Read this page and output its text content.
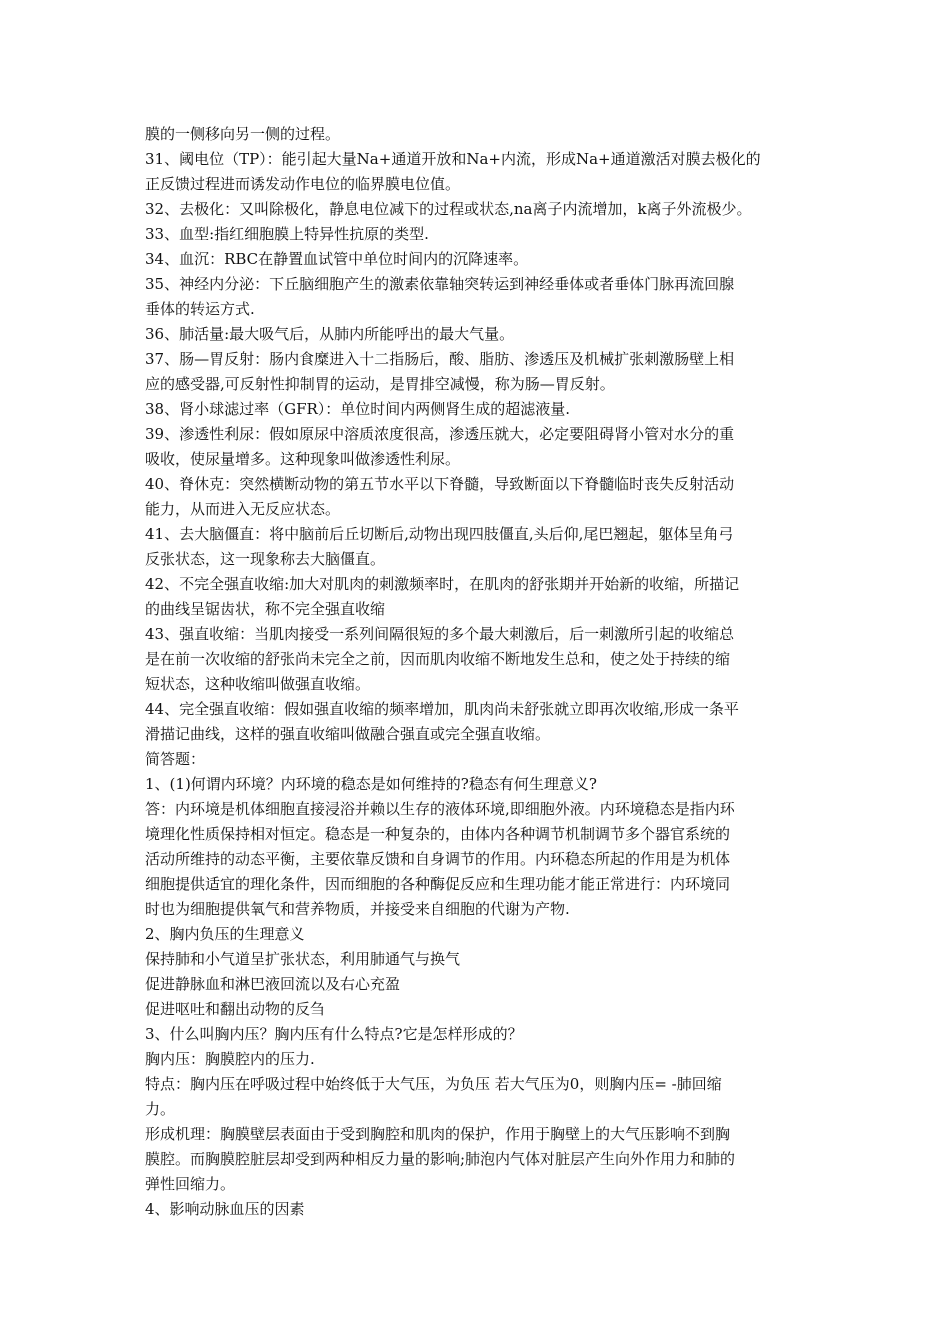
膜的一侧移向另一侧的过程。

31、阈电位（TP）：能引起大量Na+通道开放和Na+内流，形成Na+通道激活对膜去极化的

正反馈过程进而诱发动作电位的临界膜电位值。

32、去极化：又叫除极化，静息电位减下的过程或状态,na离子内流增加，k离子外流极少。

33、血型:指红细胞膜上特异性抗原的类型.

34、血沉：RBC在静置血试管中单位时间内的沉降速率。

35、神经内分泌：下丘脑细胞产生的激素依靠轴突转运到神经垂体或者垂体门脉再流回腺

垂体的转运方式.

36、肺活量:最大吸气后，从肺内所能呼出的最大气量。

37、肠—胃反射：肠内食糜进入十二指肠后，酸、脂肪、渗透压及机械扩张刺激肠壁上相

应的感受器,可反射性抑制胃的运动，是胃排空减慢，称为肠—胃反射。

38、肾小球滤过率（GFR）：单位时间内两侧肾生成的超滤液量.

39、渗透性利尿：假如原尿中溶质浓度很高，渗透压就大，必定要阻碍肾小管对水分的重

吸收，使尿量增多。这种现象叫做渗透性利尿。

40、脊休克：突然横断动物的第五节水平以下脊髓，导致断面以下脊髓临时丧失反射活动

能力，从而进入无反应状态。

41、去大脑僵直：将中脑前后丘切断后,动物出现四肢僵直,头后仰,尾巴翘起，躯体呈角弓

反张状态，这一现象称去大脑僵直。

42、不完全强直收缩:加大对肌肉的刺激频率时，在肌肉的舒张期并开始新的收缩，所描记

的曲线呈锯齿状，称不完全强直收缩

43、强直收缩：当肌肉接受一系列间隔很短的多个最大刺激后，后一刺激所引起的收缩总

是在前一次收缩的舒张尚未完全之前，因而肌肉收缩不断地发生总和，使之处于持续的缩

短状态，这种收缩叫做强直收缩。

44、完全强直收缩：假如强直收缩的频率增加，肌肉尚未舒张就立即再次收缩,形成一条平

滑描记曲线，这样的强直收缩叫做融合强直或完全强直收缩。

简答题：

1、(1)何谓内环境？内环境的稳态是如何维持的?稳态有何生理意义?

答：内环境是机体细胞直接浸浴并赖以生存的液体环境,即细胞外液。内环境稳态是指内环

境理化性质保持相对恒定。稳态是一种复杂的，由体内各种调节机制调节多个器官系统的

活动所维持的动态平衡，主要依靠反馈和自身调节的作用。内环稳态所起的作用是为机体

细胞提供适宜的理化条件，因而细胞的各种酶促反应和生理功能才能正常进行：内环境同

时也为细胞提供氧气和营养物质，并接受来自细胞的代谢为产物.

2、胸内负压的生理意义

保持肺和小气道呈扩张状态，利用肺通气与换气

促进静脉血和淋巴液回流以及右心充盈

促进呕吐和翻出动物的反刍

3、什么叫胸内压？胸内压有什么特点?它是怎样形成的？

胸内压：胸膜腔内的压力.

特点：胸内压在呼吸过程中始终低于大气压，为负压 若大气压为0，则胸内压= -肺回缩

力。

形成机理：胸膜壁层表面由于受到胸腔和肌肉的保护，作用于胸壁上的大气压影响不到胸

膜腔。而胸膜腔脏层却受到两种相反力量的影响;肺泡内气体对脏层产生向外作用力和肺的

弹性回缩力。

4、影响动脉血压的因素
